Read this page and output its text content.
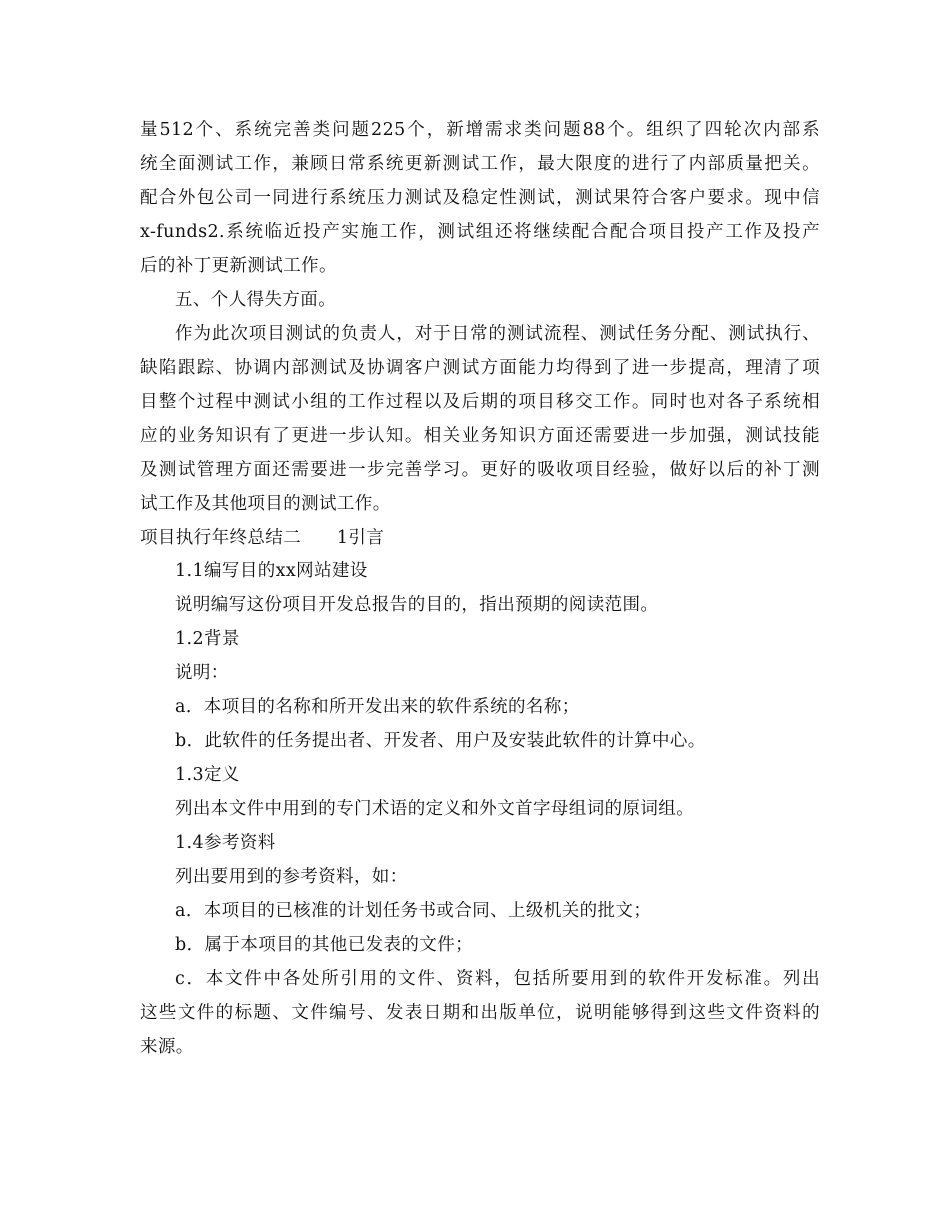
量512个、系统完善类问题225个，新增需求类问题88个。组织了四轮次内部系
统全面测试工作，兼顾日常系统更新测试工作，最大限度的进行了内部质量把关。
配合外包公司一同进行系统压力测试及稳定性测试，测试果符合客户要求。现中信
x-funds2.系统临近投产实施工作，测试组还将继续配合配合项目投产工作及投产
后的补丁更新测试工作。
五、个人得失方面。
作为此次项目测试的负责人，对于日常的测试流程、测试任务分配、测试执行、
缺陷跟踪、协调内部测试及协调客户测试方面能力均得到了进一步提高，理清了项
目整个过程中测试小组的工作过程以及后期的项目移交工作。同时也对各子系统相
应的业务知识有了更进一步认知。相关业务知识方面还需要进一步加强，测试技能
及测试管理方面还需要进一步完善学习。更好的吸收项目经验，做好以后的补丁测
试工作及其他项目的测试工作。
项目执行年终总结二　　1引言
1.1编写目的xx网站建设
说明编写这份项目开发总报告的目的，指出预期的阅读范围。
1.2背景
说明：
a．本项目的名称和所开发出来的软件系统的名称；
b．此软件的任务提出者、开发者、用户及安装此软件的计算中心。
1.3定义
列出本文件中用到的专门术语的定义和外文首字母组词的原词组。
1.4参考资料
列出要用到的参考资料，如：
a．本项目的已核准的计划任务书或合同、上级机关的批文；
b．属于本项目的其他已发表的文件；
c．本文件中各处所引用的文件、资料，包括所要用到的软件开发标准。列出
这些文件的标题、文件编号、发表日期和出版单位，说明能够得到这些文件资料的
来源。
